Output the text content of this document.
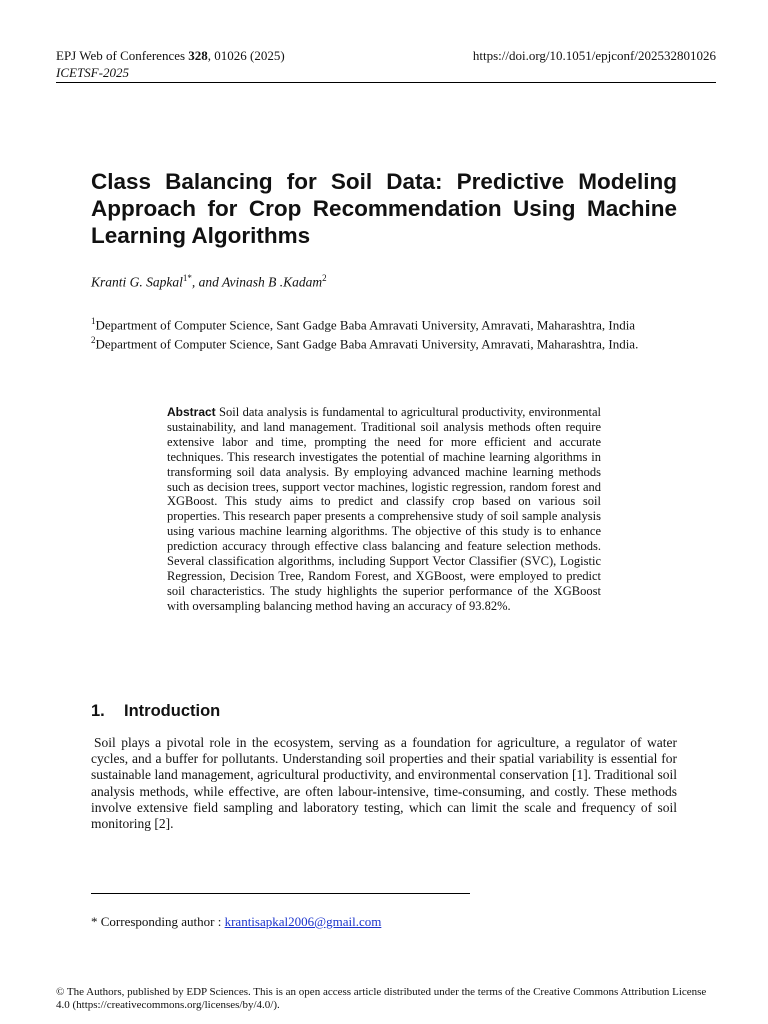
EPJ Web of Conferences 328, 01026 (2025)
ICETSF-2025
https://doi.org/10.1051/epjconf/202532801026
Class Balancing for Soil Data: Predictive Modeling Approach for Crop Recommendation Using Machine Learning Algorithms
Kranti G. Sapkal$^{1*}$, and Avinash B .Kadam$^2$

$^1$Department of Computer Science, Sant Gadge Baba Amravati University, Amravati, Maharashtra, India

$^2$Department of Computer Science, Sant Gadge Baba Amravati University, Amravati, Maharashtra, India.

Abstract Soil data analysis is fundamental to agricultural productivity, environmental sustainability, and land management. Traditional soil analysis methods often require extensive labor and time, prompting the need for more efficient and accurate techniques. This research investigates the potential of machine learning algorithms in transforming soil data analysis. By employing advanced machine learning methods such as decision trees, support vector machines, logistic regression, random forest and XGBoost. This study aims to predict and classify crop based on various soil properties. This research paper presents a comprehensive study of soil sample analysis using various machine learning algorithms. The objective of this study is to enhance prediction accuracy through effective class balancing and feature selection methods. Several classification algorithms, including Support Vector Classifier (SVC), Logistic Regression, Decision Tree, Random Forest, and XGBoost, were employed to predict soil characteristics. The study highlights the superior performance of the XGBoost with oversampling balancing method having an accuracy of 93.82%.

1. Introduction

Soil plays a pivotal role in the ecosystem, serving as a foundation for agriculture, a regulator of water cycles, and a buffer for pollutants. Understanding soil properties and their spatial variability is essential for sustainable land management, agricultural productivity, and environmental conservation [1]. Traditional soil analysis methods, while effective, are often labour-intensive, time-consuming, and costly. These methods involve extensive field sampling and laboratory testing, which can limit the scale and frequency of soil monitoring [2].

* Corresponding author : krantisapkal2006@gmail.com

© The Authors, published by EDP Sciences. This is an open access article distributed under the terms of the Creative Commons Attribution License 4.0 (https://creativecommons.org/licenses/by/4.0/).
